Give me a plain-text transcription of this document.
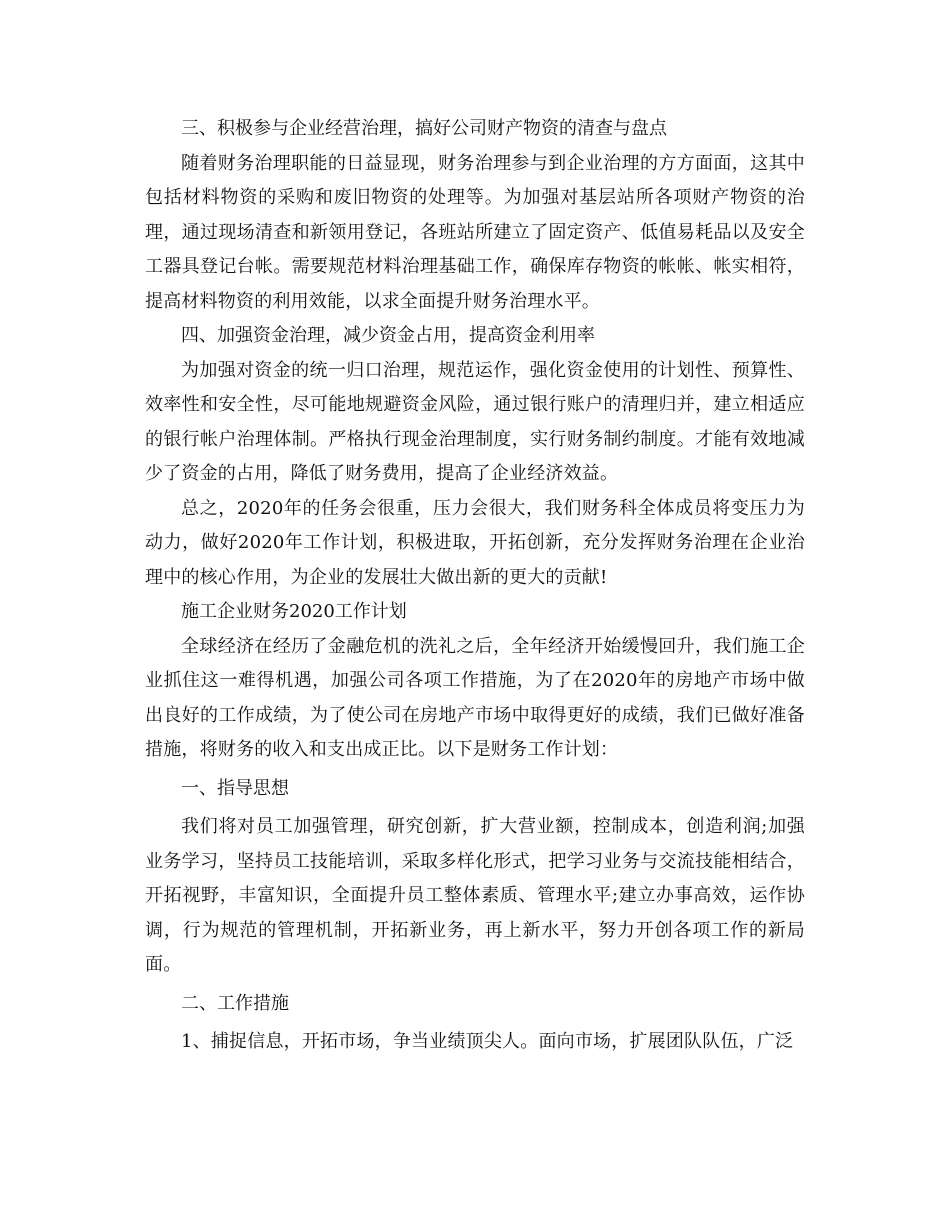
三、积极参与企业经营治理，搞好公司财产物资的清查与盘点

随着财务治理职能的日益显现，财务治理参与到企业治理的方方面面，这其中包括材料物资的采购和废旧物资的处理等。为加强对基层站所各项财产物资的治理，通过现场清查和新领用登记，各班站所建立了固定资产、低值易耗品以及安全工器具登记台帐。需要规范材料治理基础工作，确保库存物资的帐帐、帐实相符，提高材料物资的利用效能，以求全面提升财务治理水平。

四、加强资金治理，减少资金占用，提高资金利用率

为加强对资金的统一归口治理，规范运作，强化资金使用的计划性、预算性、效率性和安全性，尽可能地规避资金风险，通过银行账户的清理归并，建立相适应的银行帐户治理体制。严格执行现金治理制度，实行财务制约制度。才能有效地减少了资金的占用，降低了财务费用，提高了企业经济效益。

总之，2020年的任务会很重，压力会很大，我们财务科全体成员将变压力为动力，做好2020年工作计划，积极进取，开拓创新，充分发挥财务治理在企业治理中的核心作用，为企业的发展壮大做出新的更大的贡献!

施工企业财务2020工作计划

全球经济在经历了金融危机的洗礼之后，全年经济开始缓慢回升，我们施工企业抓住这一难得机遇，加强公司各项工作措施，为了在2020年的房地产市场中做出良好的工作成绩，为了使公司在房地产市场中取得更好的成绩，我们已做好准备措施，将财务的收入和支出成正比。以下是财务工作计划：

一、指导思想

我们将对员工加强管理，研究创新，扩大营业额，控制成本，创造利润;加强业务学习，坚持员工技能培训，采取多样化形式，把学习业务与交流技能相结合，开拓视野，丰富知识，全面提升员工整体素质、管理水平;建立办事高效，运作协调，行为规范的管理机制，开拓新业务，再上新水平，努力开创各项工作的新局面。

二、工作措施

1、捕捉信息，开拓市场，争当业绩顶尖人。面向市场，扩展团队队伍，广泛
